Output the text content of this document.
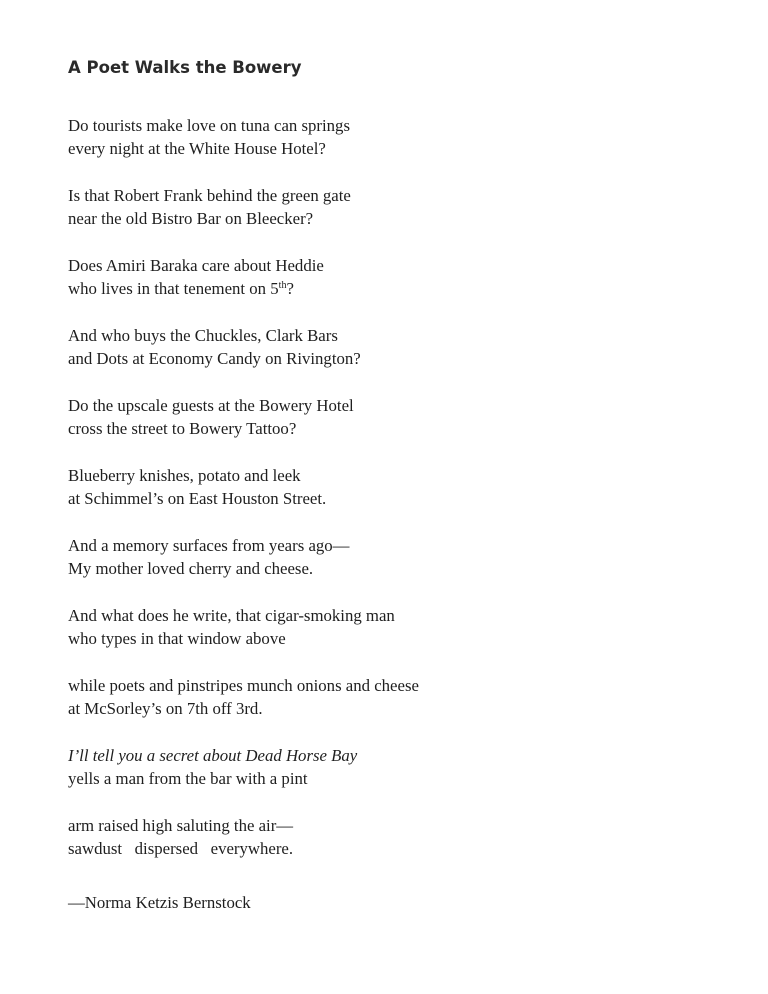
A Poet Walks the Bowery
Do tourists make love on tuna can springs
every night at the White House Hotel?
Is that Robert Frank behind the green gate
near the old Bistro Bar on Bleecker?
Does Amiri Baraka care about Heddie
who lives in that tenement on 5th?
And who buys the Chuckles, Clark Bars
and Dots at Economy Candy on Rivington?
Do the upscale guests at the Bowery Hotel
cross the street to Bowery Tattoo?
Blueberry knishes, potato and leek
at Schimmel’s on East Houston Street.
And a memory surfaces from years ago—
My mother loved cherry and cheese.
And what does he write, that cigar-smoking man
who types in that window above
while poets and pinstripes munch onions and cheese
at McSorley’s on 7th off 3rd.
I’ll tell you a secret about Dead Horse Bay
yells a man from the bar with a pint
arm raised high saluting the air—
sawdust   dispersed   everywhere.
—Norma Ketzis Bernstock
